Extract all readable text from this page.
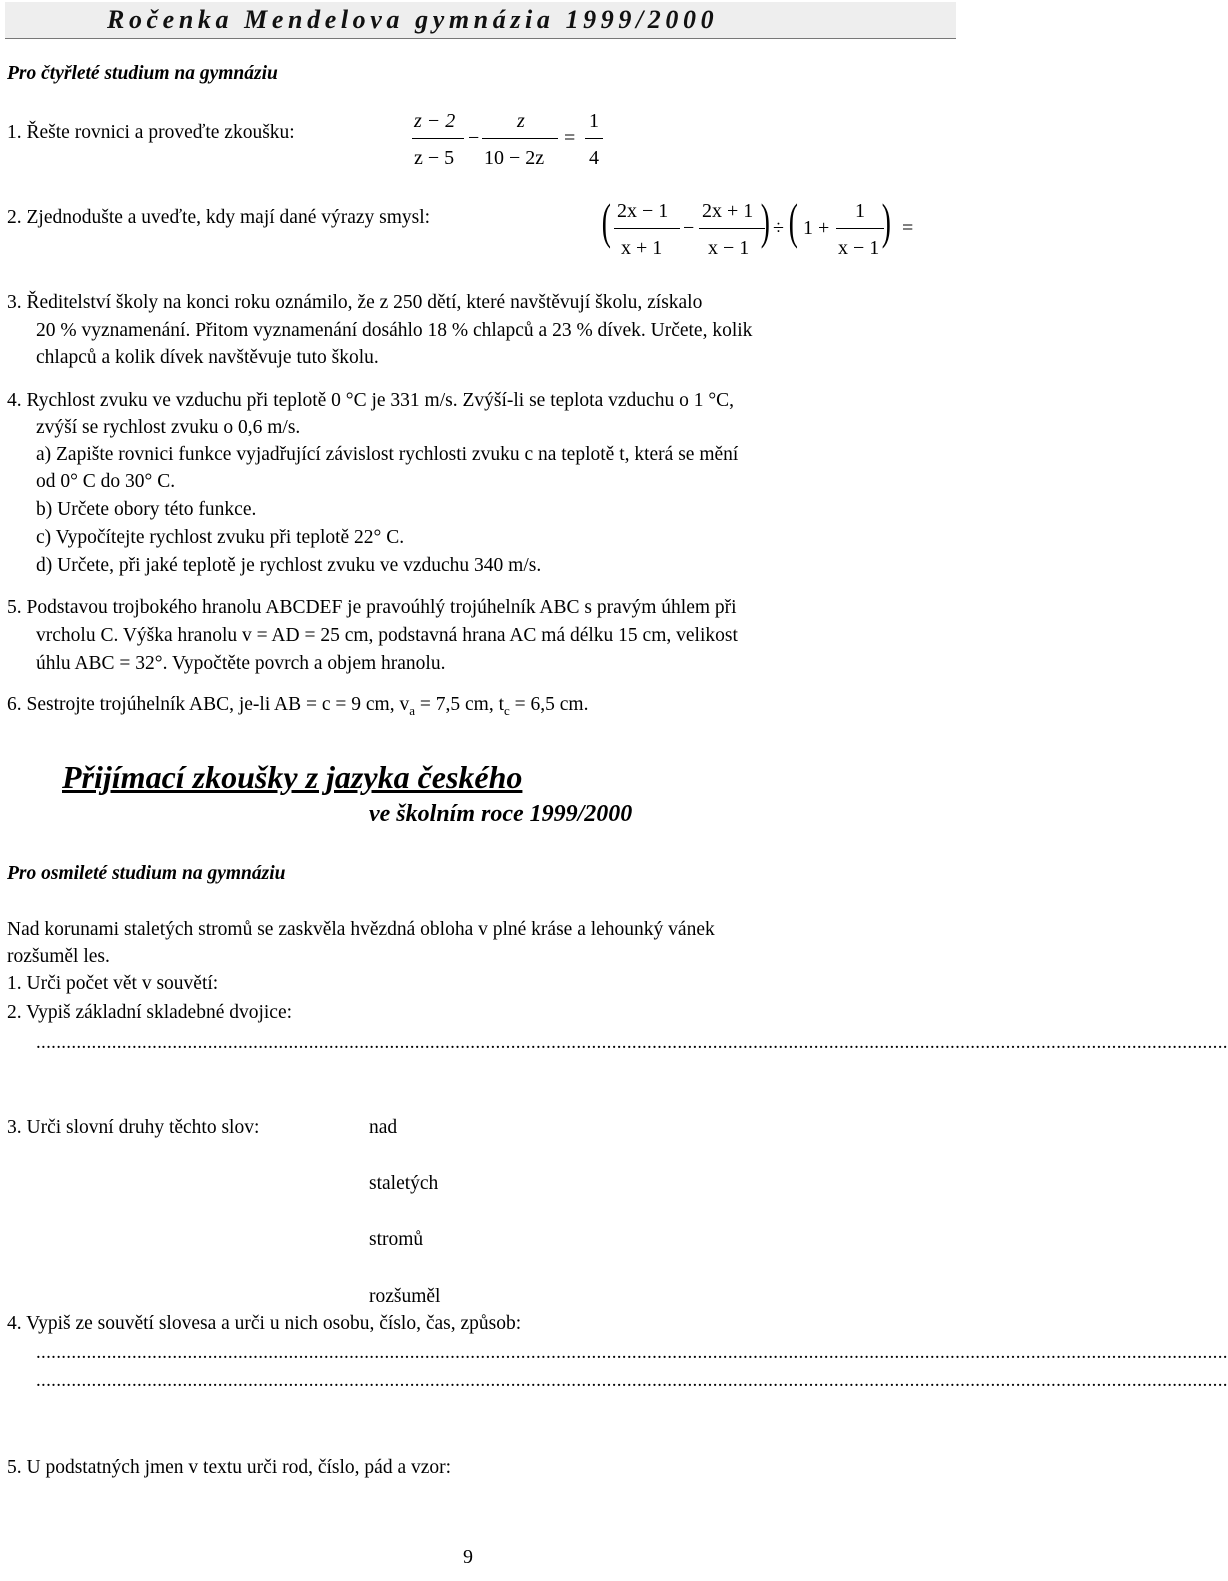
Ročenka Mendelova gymnázia 1999/2000
Pro čtyřleté studium na gymnáziu
1. Řešte rovnici a proveďte zkoušku:
z − 2
z − 5
−
z
10 − 2z
=
1
4
2. Zjednodušte a uveďte, kdy mají dané výrazy smysl:	( 2x − 1
x + 1
−
2x + 1
x − 1 ) ÷ ( 1 +
1
x − 1 ) =
3. Ředitelství školy na konci roku oznámilo, že z 250 dětí, které navštěvují školu, získalo
20 % vyznamenání. Přitom vyznamenání dosáhlo 18 % chlapců a 23 % dívek. Určete, kolik
chlapců a kolik dívek navštěvuje tuto školu.
4. Rychlost zvuku ve vzduchu při teplotě 0 °C je 331 m/s. Zvýší-li se teplota vzduchu o 1 °C,
zvýší se rychlost zvuku o 0,6 m/s.
a) Zapište rovnici funkce vyjadřující závislost rychlosti zvuku c na teplotě t, která se mění
od 0° C do 30° C.
b) Určete obory této funkce.
c) Vypočítejte rychlost zvuku při teplotě 22° C.
d) Určete, při jaké teplotě je rychlost zvuku ve vzduchu 340 m/s.
5. Podstavou trojbokého hranolu ABCDEF je pravoúhlý trojúhelník ABC s pravým úhlem při
vrcholu C. Výška hranolu v = AD = 25 cm, podstavná hrana AC má délku 15 cm, velikost
úhlu ABC = 32°. Vypočtěte povrch a objem hranolu.
6. Sestrojte trojúhelník ABC, je-li AB = c = 9 cm, $v_a = 7,5$ cm, $t_c = 6,5$ cm.
Přijímací zkoušky z jazyka českého
ve školním roce 1999/2000
Pro osmileté studium na gymnáziu
Nad korunami staletých stromů se zaskvěla hvězdná obloha v plné kráse a lehounký vánek
rozšuměl les.
1. Urči počet vět v souvětí:
2. Vypiš základní skladebné dvojice:
............................................................................................................................................................................................................................................
3. Urči slovní druhy těchto slov:	nad
staletých
stromů
rozšuměl
4. Vypiš ze souvětí slovesa a urči u nich osobu, číslo, čas, způsob:
............................................................................................................................................................................................................................................
............................................................................................................................................................................................................................................
5. U podstatných jmen v textu urči rod, číslo, pád a vzor:
9
